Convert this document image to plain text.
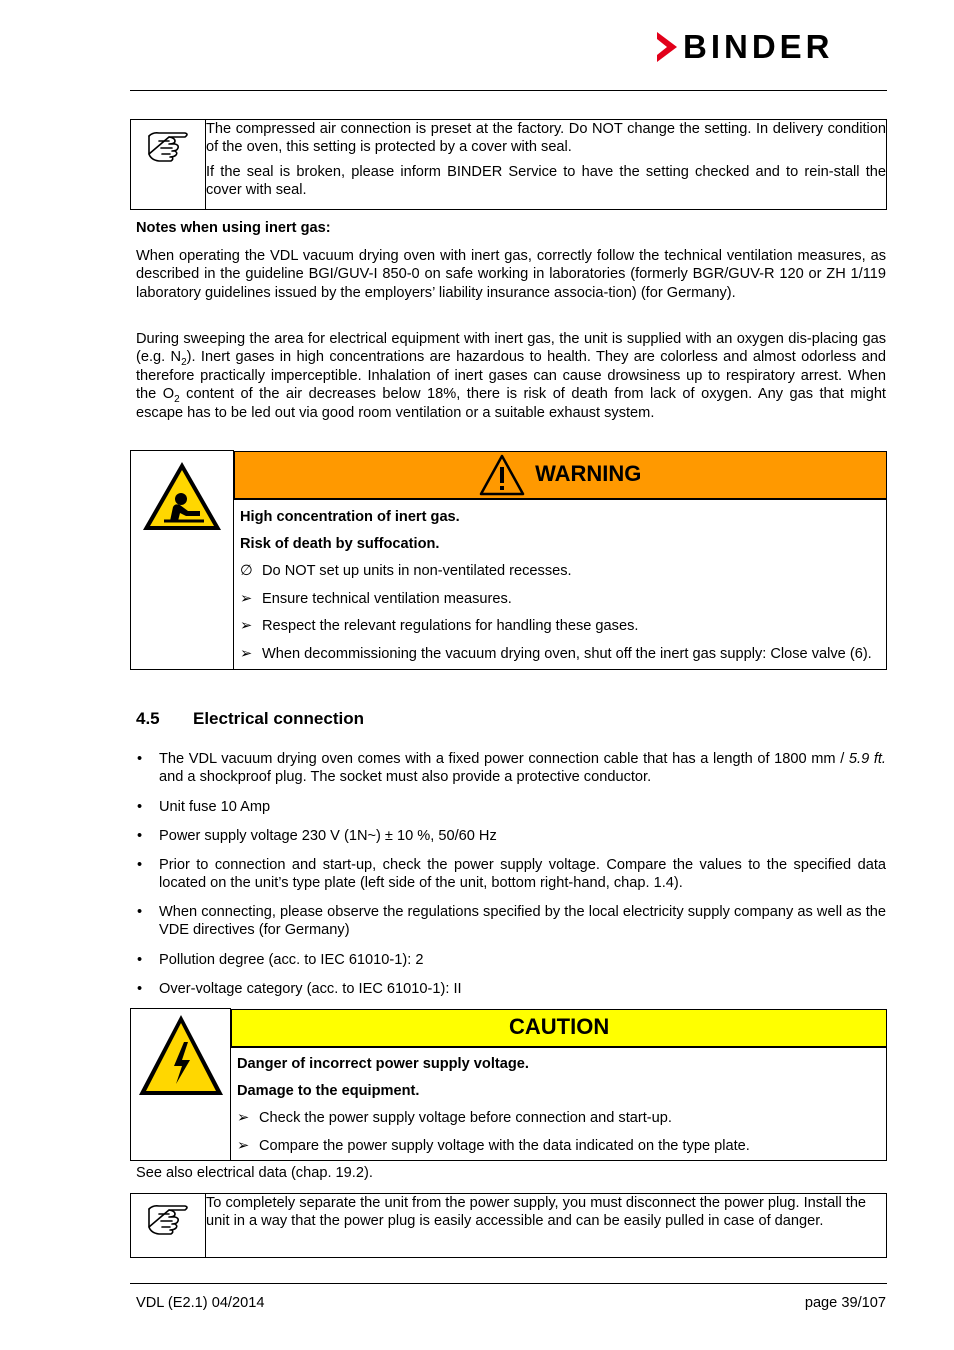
BINDER

The compressed air connection is preset at the factory. Do NOT change the setting. In delivery condition of the oven, this setting is protected by a cover with seal.

If the seal is broken, please inform BINDER Service to have the setting checked and to rein-stall the cover with seal.

Notes when using inert gas:

When operating the VDL vacuum drying oven with inert gas, correctly follow the technical ventilation measures, as described in the guideline BGI/GUV-I 850-0 on safe working in laboratories (formerly BGR/GUV-R 120 or ZH 1/119 laboratory guidelines issued by the employers’ liability insurance associa-tion) (for Germany).

During sweeping the area for electrical equipment with inert gas, the unit is supplied with an oxygen dis-placing gas (e.g. $N_2$). Inert gases in high concentrations are hazardous to health. They are colorless and almost odorless and therefore practically imperceptible. Inhalation of inert gases can cause drowsiness up to respiratory arrest. When the $O_2$ content of the air decreases below 18%, there is risk of death from lack of oxygen. Any gas that might escape has to be led out via good room ventilation or a suitable exhaust system.

WARNING

High concentration of inert gas.
Risk of death by suffocation.
∅ Do NOT set up units in non-ventilated recesses.
➢ Ensure technical ventilation measures.
➢ Respect the relevant regulations for handling these gases.
➢ When decommissioning the vacuum drying oven, shut off the inert gas supply: Close valve (6).
4.5 Electrical connection
• The VDL vacuum drying oven comes with a fixed power connection cable that has a length of 1800 mm / 5.9 ft. and a shockproof plug. The socket must also provide a protective conductor.
• Unit fuse 10 Amp
• Power supply voltage 230 V (1N~) ± 10 %, 50/60 Hz
• Prior to connection and start-up, check the power supply voltage. Compare the values to the specified data located on the unit’s type plate (left side of the unit, bottom right-hand, chap. 1.4).
• When connecting, please observe the regulations specified by the local electricity supply company as well as the VDE directives (for Germany)
• Pollution degree (acc. to IEC 61010-1): 2
• Over-voltage category (acc. to IEC 61010-1): II

CAUTION

Danger of incorrect power supply voltage.
Damage to the equipment.
➢ Check the power supply voltage before connection and start-up.
➢ Compare the power supply voltage with the data indicated on the type plate.
See also electrical data (chap. 19.2).

To completely separate the unit from the power supply, you must disconnect the power plug. Install the unit in a way that the power plug is easily accessible and can be easily pulled in case of danger.

VDL (E2.1) 04/2014	page 39/107
